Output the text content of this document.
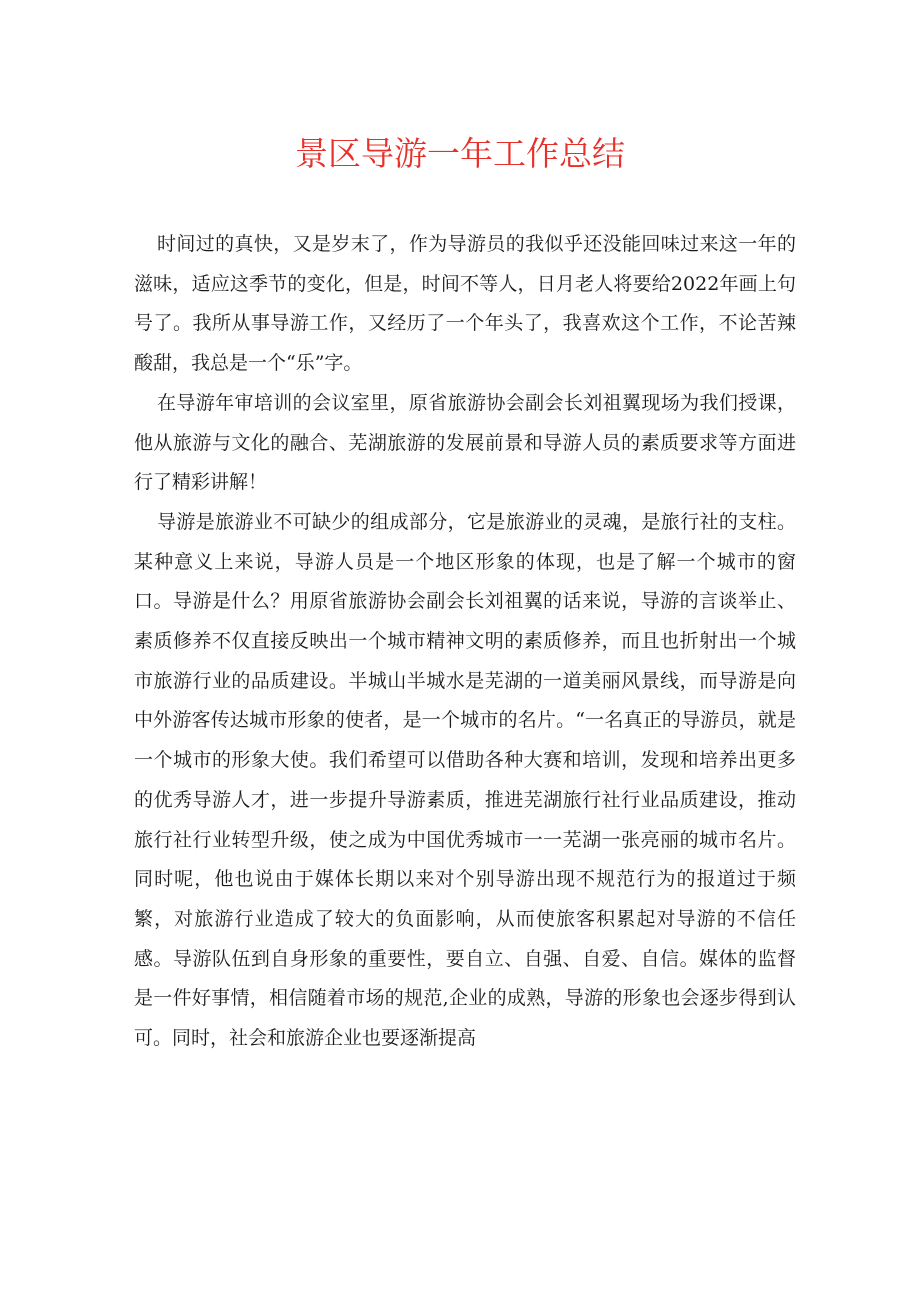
景区导游一年工作总结

时间过的真快，又是岁末了，作为导游员的我似乎还没能回味过来这一年的滋味，适应这季节的变化，但是，时间不等人，日月老人将要给2022年画上句号了。我所从事导游工作，又经历了一个年头了，我喜欢这个工作，不论苦辣酸甜，我总是一个“乐”字。

在导游年审培训的会议室里，原省旅游协会副会长刘祖翼现场为我们授课，他从旅游与文化的融合、芜湖旅游的发展前景和导游人员的素质要求等方面进行了精彩讲解！

导游是旅游业不可缺少的组成部分，它是旅游业的灵魂，是旅行社的支柱。某种意义上来说，导游人员是一个地区形象的体现，也是了解一个城市的窗口。导游是什么？用原省旅游协会副会长刘祖翼的话来说，导游的言谈举止、素质修养不仅直接反映出一个城市精神文明的素质修养，而且也折射出一个城市旅游行业的品质建设。半城山半城水是芜湖的一道美丽风景线，而导游是向中外游客传达城市形象的使者，是一个城市的名片。“一名真正的导游员，就是一个城市的形象大使。我们希望可以借助各种大赛和培训，发现和培养出更多的优秀导游人才，进一步提升导游素质，推进芜湖旅行社行业品质建设，推动旅行社行业转型升级，使之成为中国优秀城市一一芜湖一张亮丽的城市名片。同时呢，他也说由于媒体长期以来对个别导游出现不规范行为的报道过于频繁，对旅游行业造成了较大的负面影响，从而使旅客积累起对导游的不信任感。导游队伍到自身形象的重要性，要自立、自强、自爱、自信。媒体的监督是一件好事情，相信随着市场的规范,企业的成熟，导游的形象也会逐步得到认可。同时，社会和旅游企业也要逐渐提高
